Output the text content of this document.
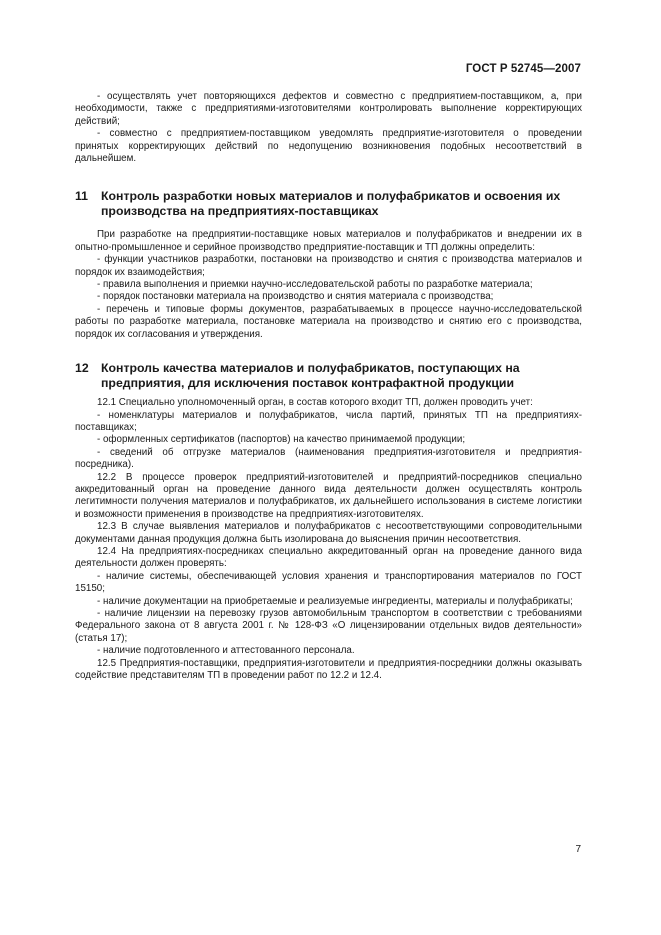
ГОСТ Р 52745—2007

- осуществлять учет повторяющихся дефектов и совместно с предприятием-поставщиком, а, при необходимости, также с предприятиями-изготовителями контролировать выполнение корректирующих действий;

- совместно с предприятием-поставщиком уведомлять предприятие-изготовителя о проведении принятых корректирующих действий по недопущению возникновения подобных несоответствий в дальнейшем.

11 Контроль разработки новых материалов и полуфабрикатов и освоения их производства на предприятиях-поставщиках

При разработке на предприятии-поставщике новых материалов и полуфабрикатов и внедрении их в опытно-промышленное и серийное производство предприятие-поставщик и ТП должны определить:

- функции участников разработки, постановки на производство и снятия с производства материалов и порядок их взаимодействия;

- правила выполнения и приемки научно-исследовательской работы по разработке материала;

- порядок постановки материала на производство и снятия материала с производства;

- перечень и типовые формы документов, разрабатываемых в процессе научно-исследовательской работы по разработке материала, постановке материала на производство и снятию его с производства, порядок их согласования и утверждения.

12 Контроль качества материалов и полуфабрикатов, поступающих на предприятия, для исключения поставок контрафактной продукции

12.1 Специально уполномоченный орган, в состав которого входит ТП, должен проводить учет:

- номенклатуры материалов и полуфабрикатов, числа партий, принятых ТП на предприятиях-поставщиках;

- оформленных сертификатов (паспортов) на качество принимаемой продукции;

- сведений об отгрузке материалов (наименования предприятия-изготовителя и предприятия-посредника).

12.2 В процессе проверок предприятий-изготовителей и предприятий-посредников специально аккредитованный орган на проведение данного вида деятельности должен осуществлять контроль легитимности получения материалов и полуфабрикатов, их дальнейшего использования в системе логистики и возможности применения в производстве на предприятиях-изготовителях.

12.3 В случае выявления материалов и полуфабрикатов с несоответствующими сопроводительными документами данная продукция должна быть изолирована до выяснения причин несоответствия.

12.4 На предприятиях-посредниках специально аккредитованный орган на проведение данного вида деятельности должен проверять:

- наличие системы, обеспечивающей условия хранения и транспортирования материалов по ГОСТ 15150;

- наличие документации на приобретаемые и реализуемые ингредиенты, материалы и полуфабрикаты;

- наличие лицензии на перевозку грузов автомобильным транспортом в соответствии с требованиями Федерального закона от 8 августа 2001 г. № 128-ФЗ «О лицензировании отдельных видов деятельности» (статья 17);

- наличие подготовленного и аттестованного персонала.

12.5 Предприятия-поставщики, предприятия-изготовители и предприятия-посредники должны оказывать содействие представителям ТП в проведении работ по 12.2 и 12.4.

7
